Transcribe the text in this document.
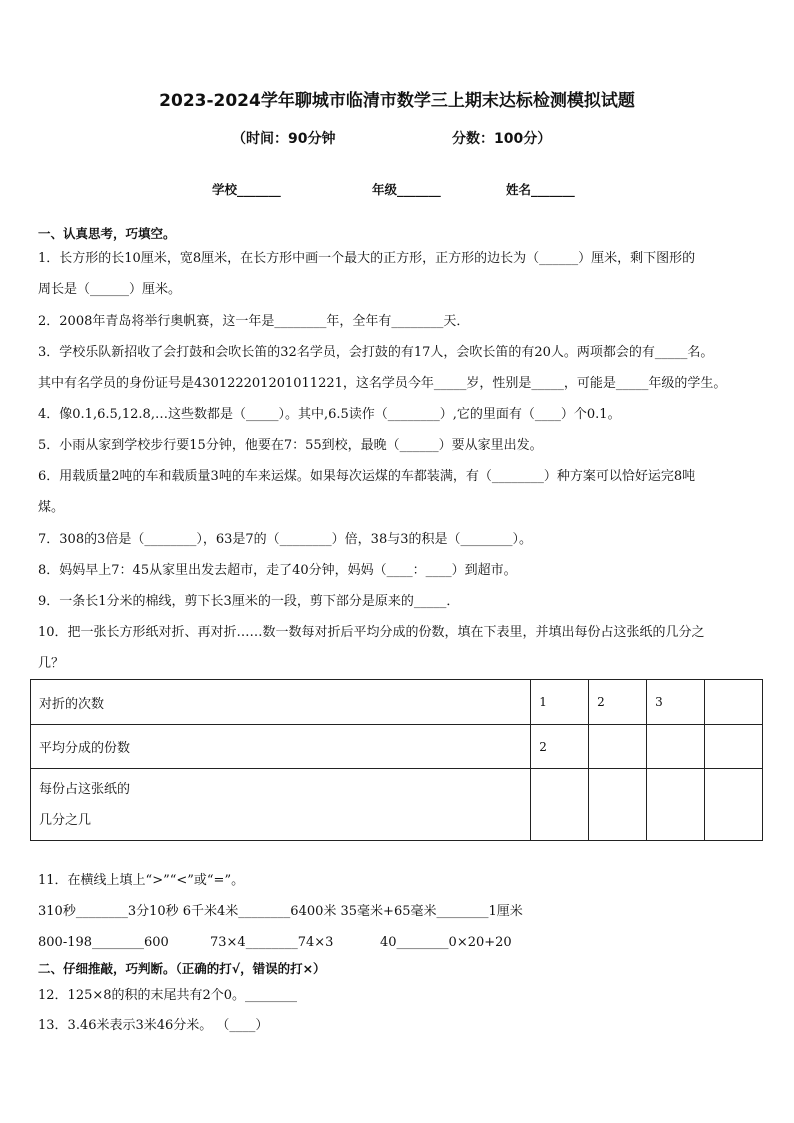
2023-2024学年聊城市临清市数学三上期末达标检测模拟试题
（时间：90分钟	分数：100分）
学校_______	年级_______	姓名_______
一、认真思考，巧填空。
1．长方形的长10厘米，宽8厘米，在长方形中画一个最大的正方形，正方形的边长为（______）厘米，剩下图形的
周长是（______）厘米。
2．2008年青岛将举行奥帆赛，这一年是________年，全年有________天．
3．学校乐队新招收了会打鼓和会吹长笛的32名学员，会打鼓的有17人，会吹长笛的有20人。两项都会的有_____名。
其中有名学员的身份证号是430122201201011221，这名学员今年_____岁，性别是_____，可能是_____年级的学生。
4．像0.1,6.5,12.8,…这些数都是（_____）。其中,6.5读作（________）,它的里面有（____）个0.1。
5．小雨从家到学校步行要15分钟，他要在7：55到校，最晚（______）要从家里出发。
6．用载质量2吨的车和载质量3吨的车来运煤。如果每次运煤的车都装满，有（________）种方案可以恰好运完8吨
煤。
7．308的3倍是（________），63是7的（________）倍，38与3的积是（________）。
8．妈妈早上7：45从家里出发去超市，走了40分钟，妈妈（____：____）到超市。
9．一条长1分米的棉线，剪下长3厘米的一段，剪下部分是原来的_____．
10．把一张长方形纸对折、再对折……数一数每对折后平均分成的份数，填在下表里，并填出每份占这张纸的几分之
几？
对折的次数	1	2	3	
平均分成的份数	2			

每份占这张纸的
几分之几				

11．在横线上填上“>”“<”或“=”。
310秒________3分10秒 6千米4米________6400米 35毫米+65毫米________1厘米
800-198________600	73×4________74×3	40________0×20+20
二、仔细推敲，巧判断。（正确的打√，错误的打×）
12．125×8的积的末尾共有2个0。________
13．3.46米表示3米46分米。 （____）
